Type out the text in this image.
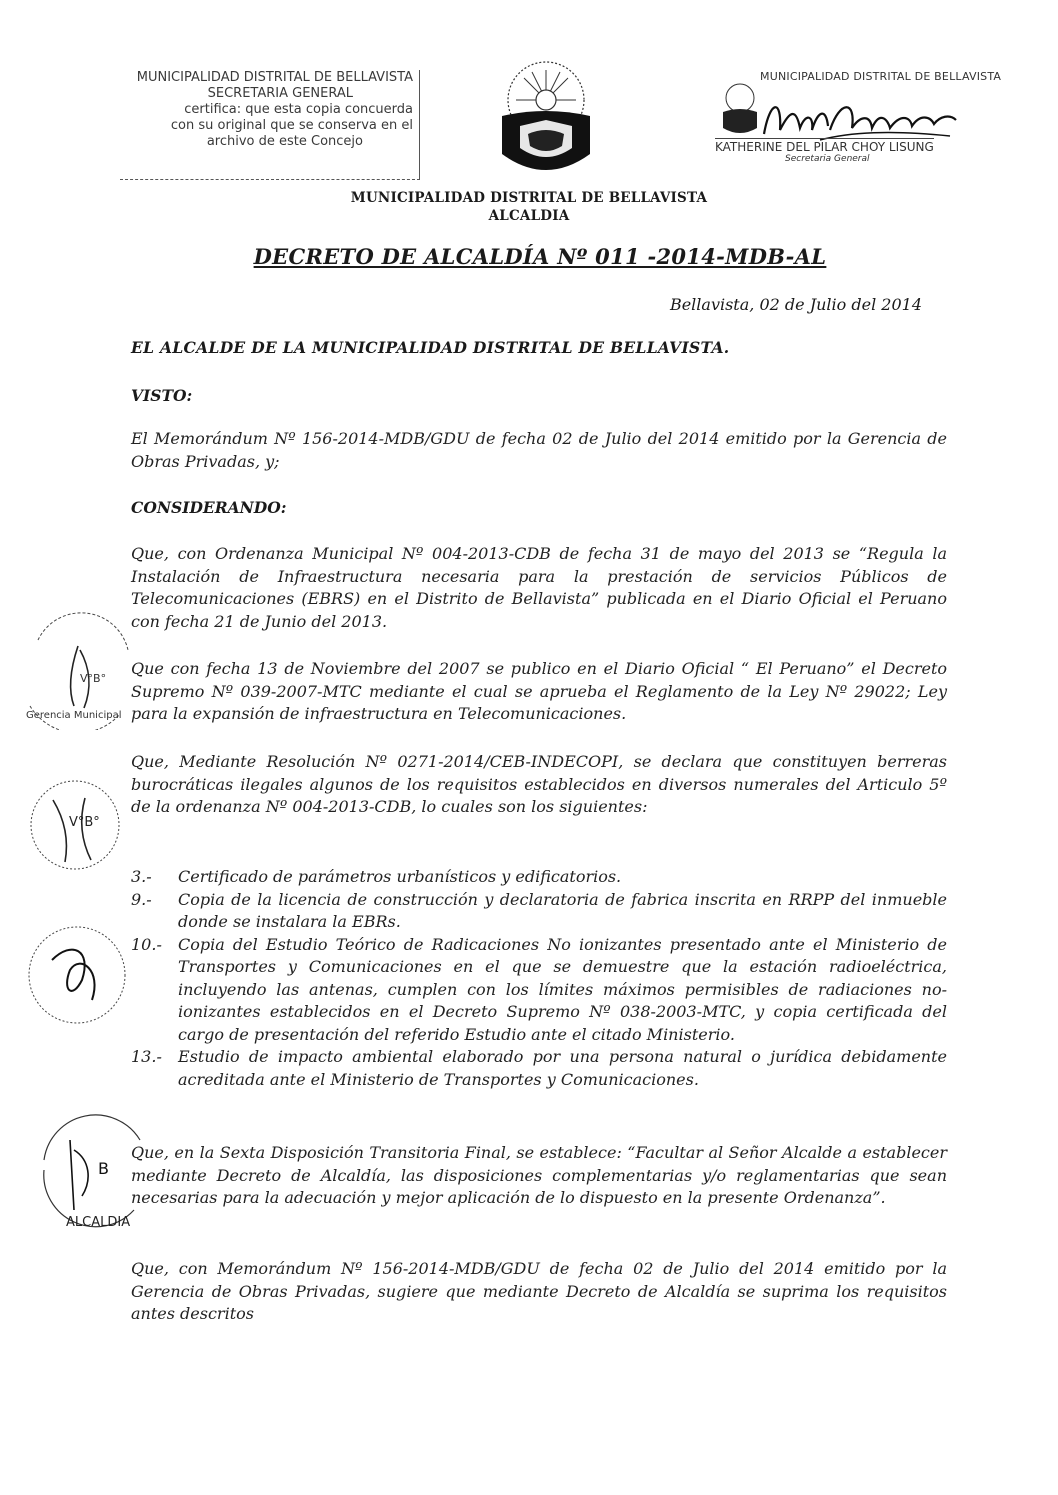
MUNICIPALIDAD DISTRITAL DE BELLAVISTA
SECRETARIA GENERAL
certifica: que esta copia concuerda
con su original que se conserva en el
archivo de este Concejo
MUNICIPALIDAD DISTRITAL DE BELLAVISTA
KATHERINE DEL PILAR CHOY LISUNG
Secretaria General
MUNICIPALIDAD DISTRITAL DE BELLAVISTA
ALCALDIA
DECRETO DE ALCALDÍA Nº 011 -2014-MDB-AL
Bellavista, 02 de Julio del 2014
EL ALCALDE DE LA MUNICIPALIDAD DISTRITAL DE BELLAVISTA.
VISTO:
El Memorándum Nº 156-2014-MDB/GDU de fecha 02 de Julio del 2014 emitido por la Gerencia de Obras Privadas, y;
CONSIDERANDO:
Que, con Ordenanza Municipal Nº 004-2013-CDB de fecha 31 de mayo del 2013 se “Regula la Instalación de Infraestructura necesaria para la prestación de servicios Públicos de Telecomunicaciones (EBRS) en el Distrito de Bellavista” publicada en el Diario Oficial el Peruano con fecha 21 de Junio del 2013.
Que con fecha 13 de Noviembre del 2007 se publico en el Diario Oficial “ El Peruano” el Decreto Supremo Nº 039-2007-MTC mediante el cual se aprueba el Reglamento de la Ley Nº 29022; Ley para la expansión de infraestructura en Telecomunicaciones.
Que, Mediante Resolución Nº 0271-2014/CEB-INDECOPI, se declara que constituyen berreras burocráticas ilegales algunos de los requisitos establecidos en diversos numerales del Articulo 5º de la ordenanza Nº 004-2013-CDB, lo cuales son los siguientes:
3.- Certificado de parámetros urbanísticos y edificatorios.
9.- Copia de la licencia de construcción y declaratoria de fabrica inscrita en RRPP del inmueble donde se instalara la EBRs.
10.- Copia del Estudio Teórico de Radicaciones No ionizantes presentado ante el Ministerio de Transportes y Comunicaciones en el que se demuestre que la estación radioeléctrica, incluyendo las antenas, cumplen con los límites máximos permisibles de radiaciones no-ionizantes establecidos en el Decreto Supremo Nº 038-2003-MTC, y copia certificada del cargo de presentación del referido Estudio ante el citado Ministerio.
13.- Estudio de impacto ambiental elaborado por una persona natural o jurídica debidamente acreditada ante el Ministerio de Transportes y Comunicaciones.
Que, en la Sexta Disposición Transitoria Final, se establece: “Facultar al Señor Alcalde a establecer mediante Decreto de Alcaldía, las disposiciones complementarias y/o reglamentarias que sean necesarias para la adecuación y mejor aplicación de lo dispuesto en la presente Ordenanza”.
Que, con Memorándum Nº 156-2014-MDB/GDU de fecha 02 de Julio del 2014 emitido por la Gerencia de Obras Privadas, sugiere que mediante Decreto de Alcaldía se suprima los requisitos antes descritos
V°B°
Gerencia Municipal
V°B°
B
ALCALDIA
